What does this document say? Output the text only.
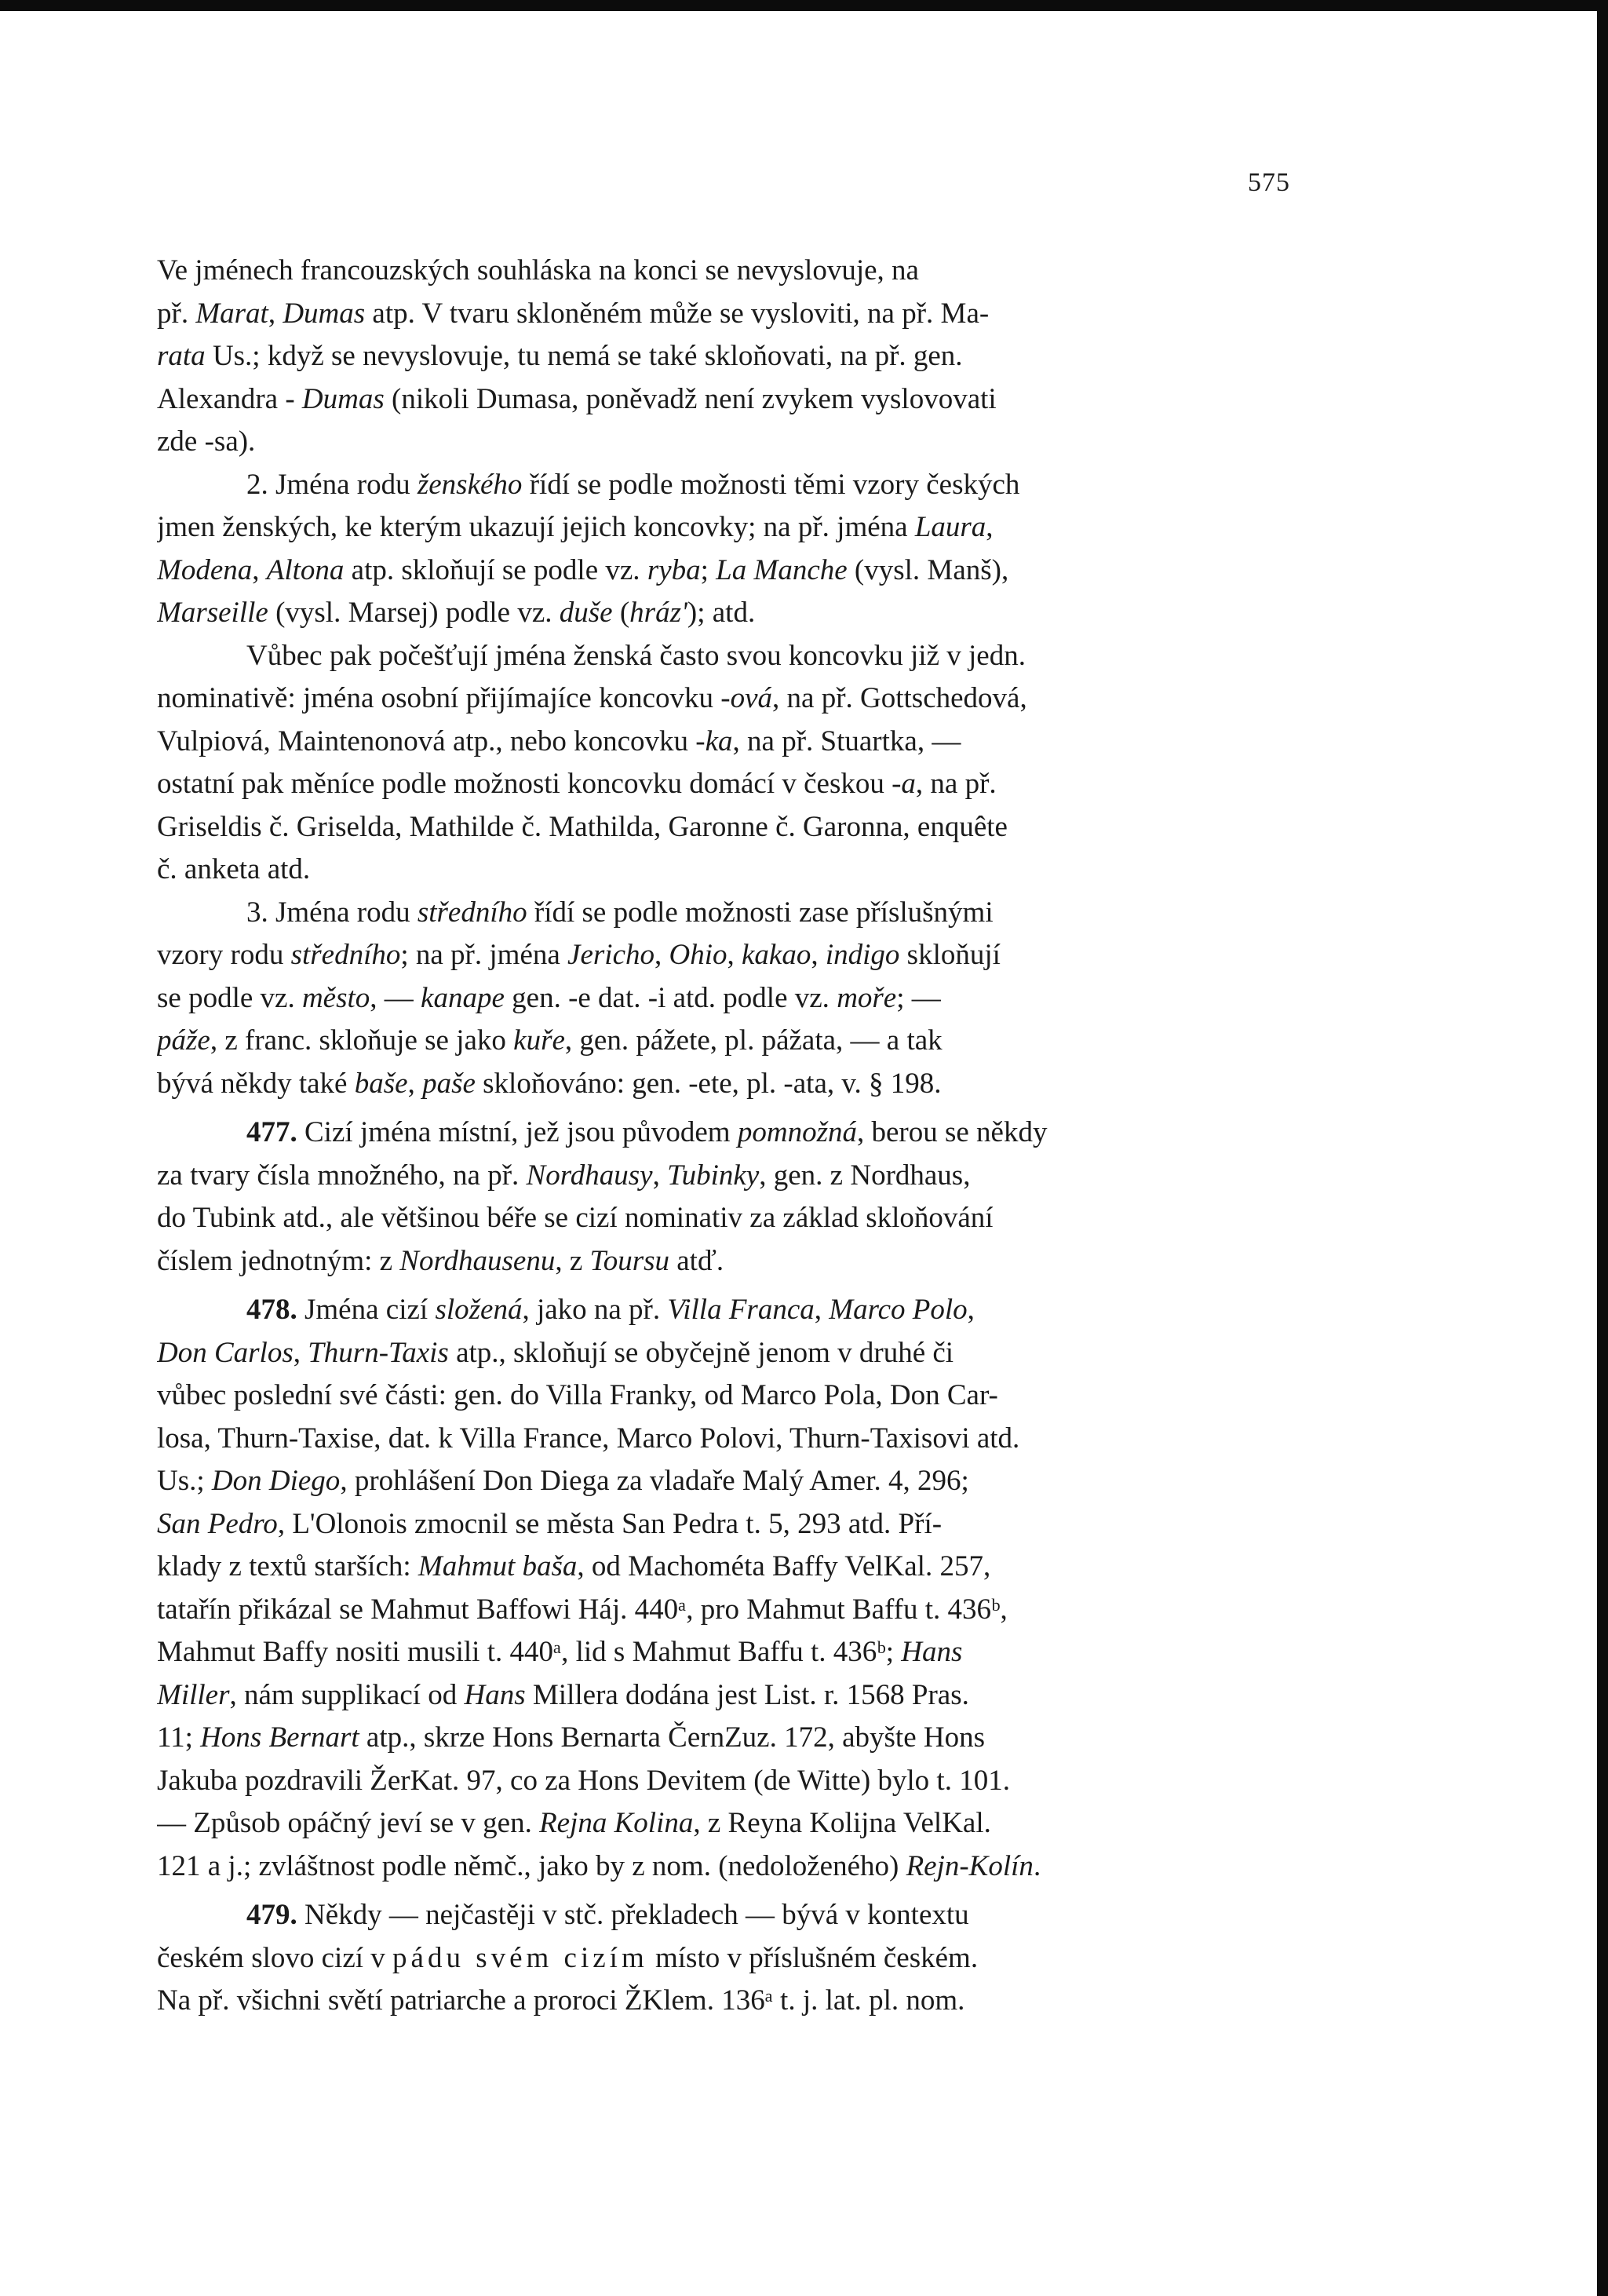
575
Ve jménech francouzských souhláska na konci se nevyslovuje, na
př. Marat, Dumas atp. V tvaru skloněném může se vysloviti, na př. Ma-
rata Us.; když se nevyslovuje, tu nemá se také skloňovati, na př. gen.
Alexandra - Dumas (nikoli Dumasa, poněvadž není zvykem vyslovovati
zde -sa).
2. Jména rodu ženského řídí se podle možnosti těmi vzory českých
jmen ženských, ke kterým ukazují jejich koncovky; na př. jména Laura,
Modena, Altona atp. skloňují se podle vz. ryba; La Manche (vysl. Manš),
Marseille (vysl. Marsej) podle vz. duše (hráz'); atd.
Vůbec pak počešťují jména ženská často svou koncovku již v jedn.
nominativě: jména osobní přijímajíce koncovku -ová, na př. Gottschedová,
Vulpiová, Maintenonová atp., nebo koncovku -ka, na př. Stuartka, —
ostatní pak měníce podle možnosti koncovku domácí v českou -a, na př.
Griseldis č. Griselda, Mathilde č. Mathilda, Garonne č. Garonna, enquête
č. anketa atd.
3. Jména rodu středního řídí se podle možnosti zase příslušnými
vzory rodu středního; na př. jména Jericho, Ohio, kakao, indigo skloňují
se podle vz. město, — kanape gen. -e dat. -i atd. podle vz. moře; —
páže, z franc. skloňuje se jako kuře, gen. pážete, pl. pážata, — a tak
bývá někdy také baše, paše skloňováno: gen. -ete, pl. -ata, v. § 198.
477. Cizí jména místní, jež jsou původem pomnožná, berou se někdy
za tvary čísla množného, na př. Nordhausy, Tubinky, gen. z Nordhaus,
do Tubink atd., ale většinou béře se cizí nominativ za základ skloňování
číslem jednotným: z Nordhausenu, z Toursu atď.
478. Jména cizí složená, jako na př. Villa Franca, Marco Polo,
Don Carlos, Thurn-Taxis atp., skloňují se obyčejně jenom v druhé či
vůbec poslední své části: gen. do Villa Franky, od Marco Pola, Don Car-
losa, Thurn-Taxise, dat. k Villa France, Marco Polovi, Thurn-Taxisovi atd.
Us.; Don Diego, prohlášení Don Diega za vladaře Malý Amer. 4, 296;
San Pedro, L'Olonois zmocnil se města San Pedra t. 5, 293 atd. Pří-
klady z textů starších: Mahmut baša, od Machométa Baffy VelKal. 257,
tatařín přikázal se Mahmut Baffowi Háj. 440ᵃ, pro Mahmut Baffu t. 436ᵇ,
Mahmut Baffy nositi musili t. 440ᵃ, lid s Mahmut Baffu t. 436ᵇ; Hans
Miller, nám supplikací od Hans Millera dodána jest List. r. 1568 Pras.
11; Hons Bernart atp., skrze Hons Bernarta ČernZuz. 172, abyšte Hons
Jakuba pozdravili ŽerKat. 97, co za Hons Devitem (de Witte) bylo t. 101.
— Způsob opáčný jeví se v gen. Rejna Kolina, z Reyna Kolijna VelKal.
121 a j.; zvláštnost podle němč., jako by z nom. (nedoloženého) Rejn-Kolín.
479. Někdy — nejčastěji v stč. překladech — bývá v kontextu
českém slovo cizí v pádu svém cizím místo v příslušném českém.
Na př. všichni světí patriarche a proroci ŽKlem. 136ᵃ t. j. lat. pl. nom.
